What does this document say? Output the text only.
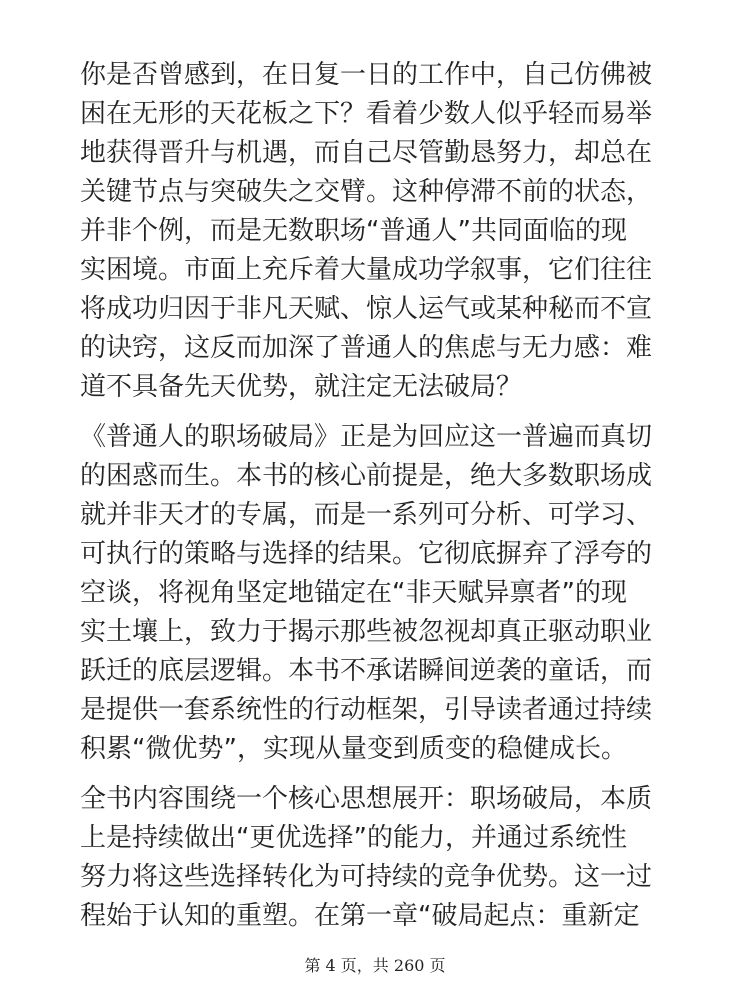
你是否曾感到，在日复一日的工作中，自己仿佛被
困在无形的天花板之下？看着少数人似乎轻而易举
地获得晋升与机遇，而自己尽管勤恳努力，却总在
关键节点与突破失之交臂。这种停滞不前的状态，
并非个例，而是无数职场“普通人”共同面临的现
实困境。市面上充斥着大量成功学叙事，它们往往
将成功归因于非凡天赋、惊人运气或某种秘而不宣
的诀窍，这反而加深了普通人的焦虑与无力感：难
道不具备先天优势，就注定无法破局？

《普通人的职场破局》正是为回应这一普遍而真切
的困惑而生。本书的核心前提是，绝大多数职场成
就并非天才的专属，而是一系列可分析、可学习、
可执行的策略与选择的结果。它彻底摒弃了浮夸的
空谈，将视角坚定地锚定在“非天赋异禀者”的现
实土壤上，致力于揭示那些被忽视却真正驱动职业
跃迁的底层逻辑。本书不承诺瞬间逆袭的童话，而
是提供一套系统性的行动框架，引导读者通过持续
积累“微优势”，实现从量变到质变的稳健成长。

全书内容围绕一个核心思想展开：职场破局，本质
上是持续做出“更优选择”的能力，并通过系统性
努力将这些选择转化为可持续的竞争优势。这一过
程始于认知的重塑。在第一章“破局起点：重新定

第 4 页，共 260 页
